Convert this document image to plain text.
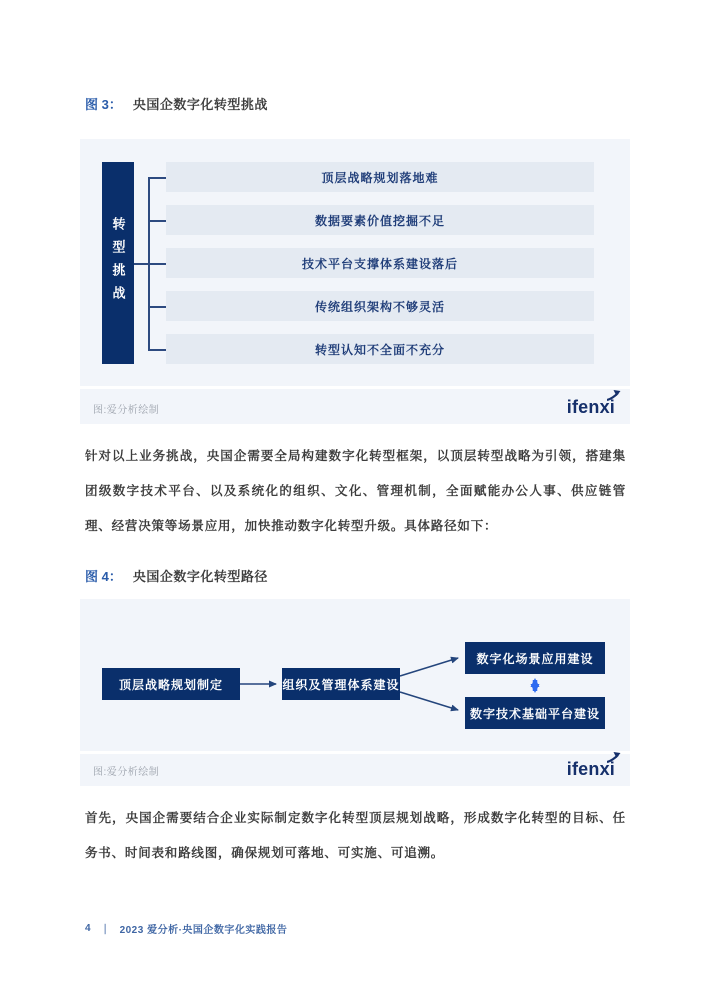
图 3： 央国企数字化转型挑战
转型挑战
顶层战略规划落地难
数据要素价值挖掘不足
技术平台支撑体系建设落后
传统组织架构不够灵活
转型认知不全面不充分
图:爱分析绘制	ifenxi

针对以上业务挑战，央国企需要全局构建数字化转型框架，以顶层转型战略为引领，搭建集团级数字技术平台、以及系统化的组织、文化、管理机制，全面赋能办公人事、供应链管理、经营决策等场景应用，加快推动数字化转型升级。具体路径如下：

图 4： 央国企数字化转型路径
顶层战略规划制定	组织及管理体系建设
数字化场景应用建设
数字技术基础平台建设
图:爱分析绘制	ifenxi

首先，央国企需要结合企业实际制定数字化转型顶层规划战略，形成数字化转型的目标、任务书、时间表和路线图，确保规划可落地、可实施、可追溯。

4 ｜ 2023 爱分析·央国企数字化实践报告
